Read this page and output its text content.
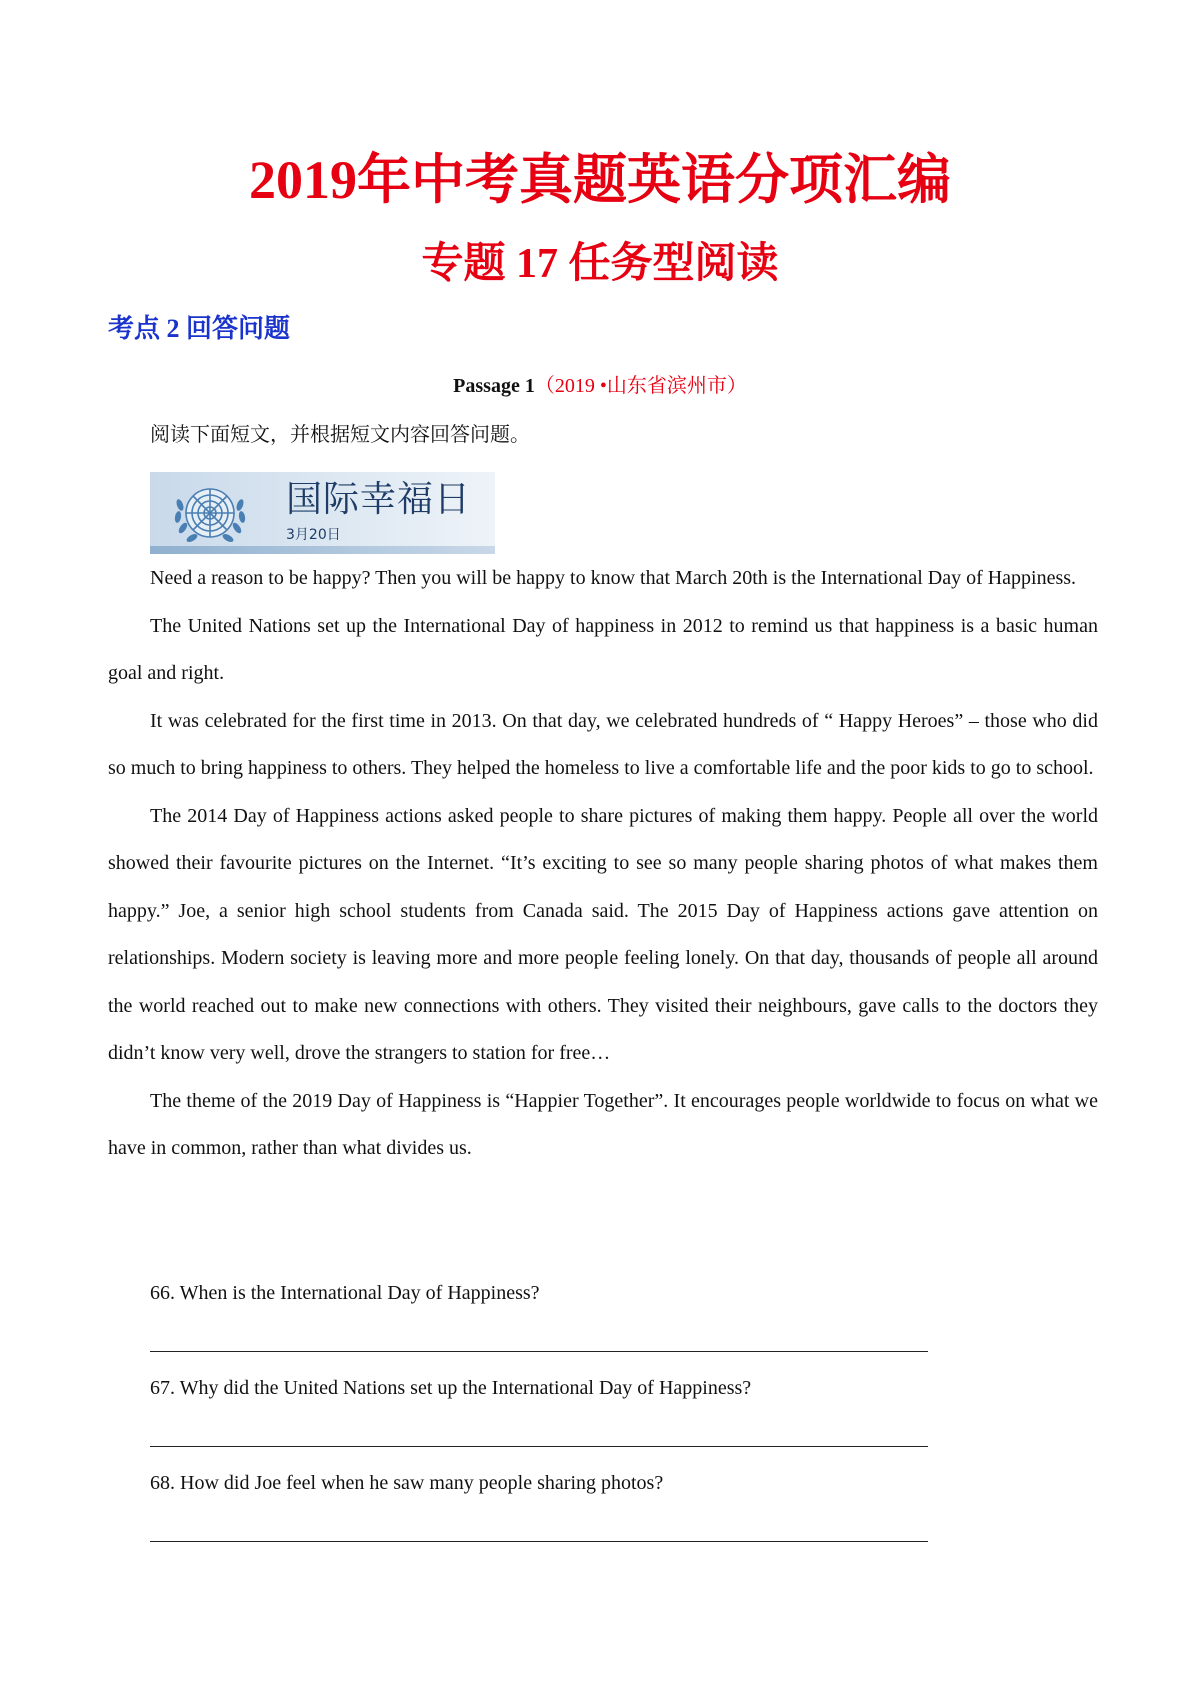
2019年中考真题英语分项汇编
专题 17 任务型阅读
考点 2 回答问题
Passage 1（2019 •山东省滨州市）
阅读下面短文，并根据短文内容回答问题。
国际幸福日
3月20日

Need a reason to be happy? Then you will be happy to know that March 20th is the International Day of Happiness.

The United Nations set up the International Day of happiness in 2012 to remind us that happiness is a basic human goal and right.

It was celebrated for the first time in 2013. On that day, we celebrated hundreds of “ Happy Heroes” – those who did so much to bring happiness to others. They helped the homeless to live a comfortable life and the poor kids to go to school.

The 2014 Day of Happiness actions asked people to share pictures of making them happy. People all over the world showed their favourite pictures on the Internet. “It’s exciting to see so many people sharing photos of what makes them happy.” Joe, a senior high school students from Canada said. The 2015 Day of Happiness actions gave attention on relationships. Modern society is leaving more and more people feeling lonely. On that day, thousands of people all around the world reached out to make new connections with others. They visited their neighbours, gave calls to the doctors they didn’t know very well, drove the strangers to station for free…

The theme of the 2019 Day of Happiness is “Happier Together”. It encourages people worldwide to focus on what we have in common, rather than what divides us.

66. When is the International Day of Happiness?

67. Why did the United Nations set up the International Day of Happiness?

68. How did Joe feel when he saw many people sharing photos?
